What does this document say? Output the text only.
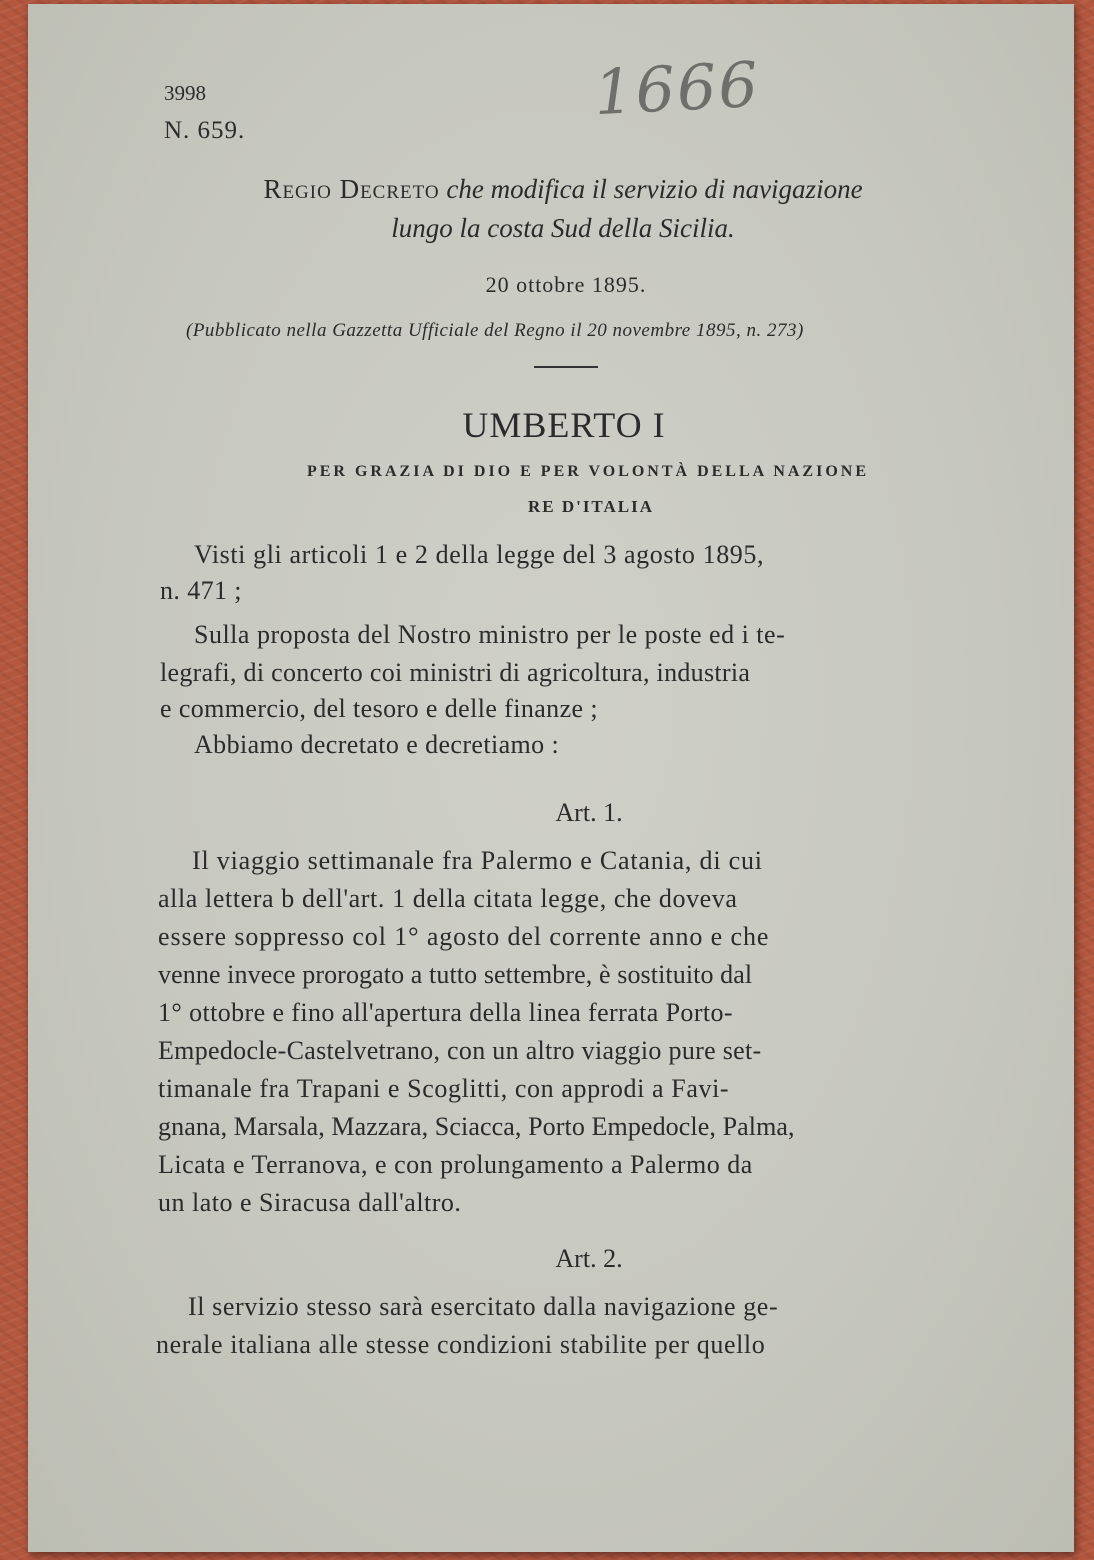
3998
N. 659.
1666
Regio Decreto che modifica il servizio di navigazione
lungo la costa Sud della Sicilia.
20 ottobre 1895.
(Pubblicato nella Gazzetta Ufficiale del Regno il 20 novembre 1895, n. 273)
UMBERTO I
PER GRAZIA DI DIO E PER VOLONTÀ DELLA NAZIONE
RE D'ITALIA
Visti gli articoli 1 e 2 della legge del 3 agosto 1895,
n. 471 ;
Sulla proposta del Nostro ministro per le poste ed i te-
legrafi, di concerto coi ministri di agricoltura, industria
e commercio, del tesoro e delle finanze ;
Abbiamo decretato e decretiamo :
Art. 1.
Il viaggio settimanale fra Palermo e Catania, di cui
alla lettera b dell'art. 1 della citata legge, che doveva
essere soppresso col 1° agosto del corrente anno e che
venne invece prorogato a tutto settembre, è sostituito dal
1° ottobre e fino all'apertura della linea ferrata Porto-
Empedocle-Castelvetrano, con un altro viaggio pure set-
timanale fra Trapani e Scoglitti, con approdi a Favi-
gnana, Marsala, Mazzara, Sciacca, Porto Empedocle, Palma,
Licata e Terranova, e con prolungamento a Palermo da
un lato e Siracusa dall'altro.
Art. 2.
Il servizio stesso sarà esercitato dalla navigazione ge-
nerale italiana alle stesse condizioni stabilite per quello
